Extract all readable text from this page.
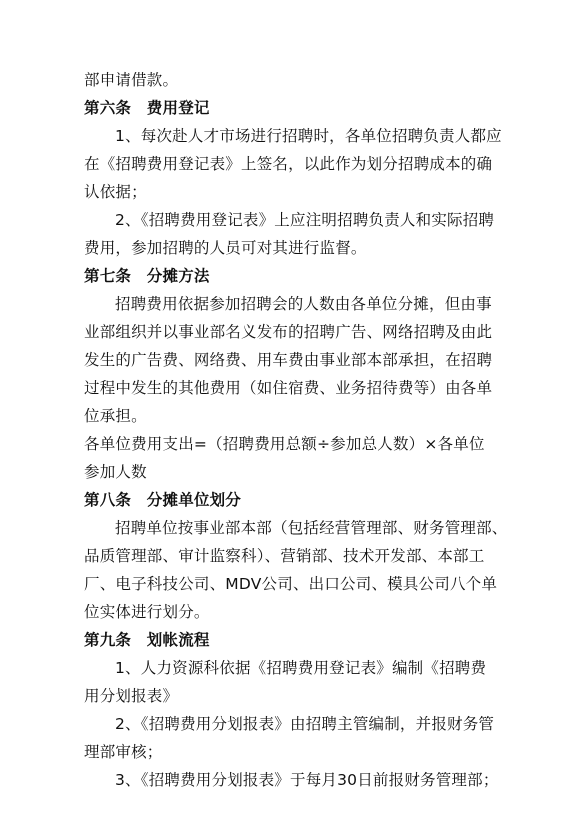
部申请借款。
第六条　费用登记
1、每次赴人才市场进行招聘时，各单位招聘负责人都应
在《招聘费用登记表》上签名，以此作为划分招聘成本的确
认依据；
2、《招聘费用登记表》上应注明招聘负责人和实际招聘
费用，参加招聘的人员可对其进行监督。
第七条　分摊方法
招聘费用依据参加招聘会的人数由各单位分摊，但由事
业部组织并以事业部名义发布的招聘广告、网络招聘及由此
发生的广告费、网络费、用车费由事业部本部承担，在招聘
过程中发生的其他费用（如住宿费、业务招待费等）由各单
位承担。
各单位费用支出=（招聘费用总额÷参加总人数）×各单位
参加人数
第八条　分摊单位划分
招聘单位按事业部本部（包括经营管理部、财务管理部、
品质管理部、审计监察科）、营销部、技术开发部、本部工
厂、电子科技公司、MDV公司、出口公司、模具公司八个单
位实体进行划分。
第九条　划帐流程
1、人力资源科依据《招聘费用登记表》编制《招聘费
用分划报表》
2、《招聘费用分划报表》由招聘主管编制，并报财务管
理部审核；
3、《招聘费用分划报表》于每月30日前报财务管理部；
